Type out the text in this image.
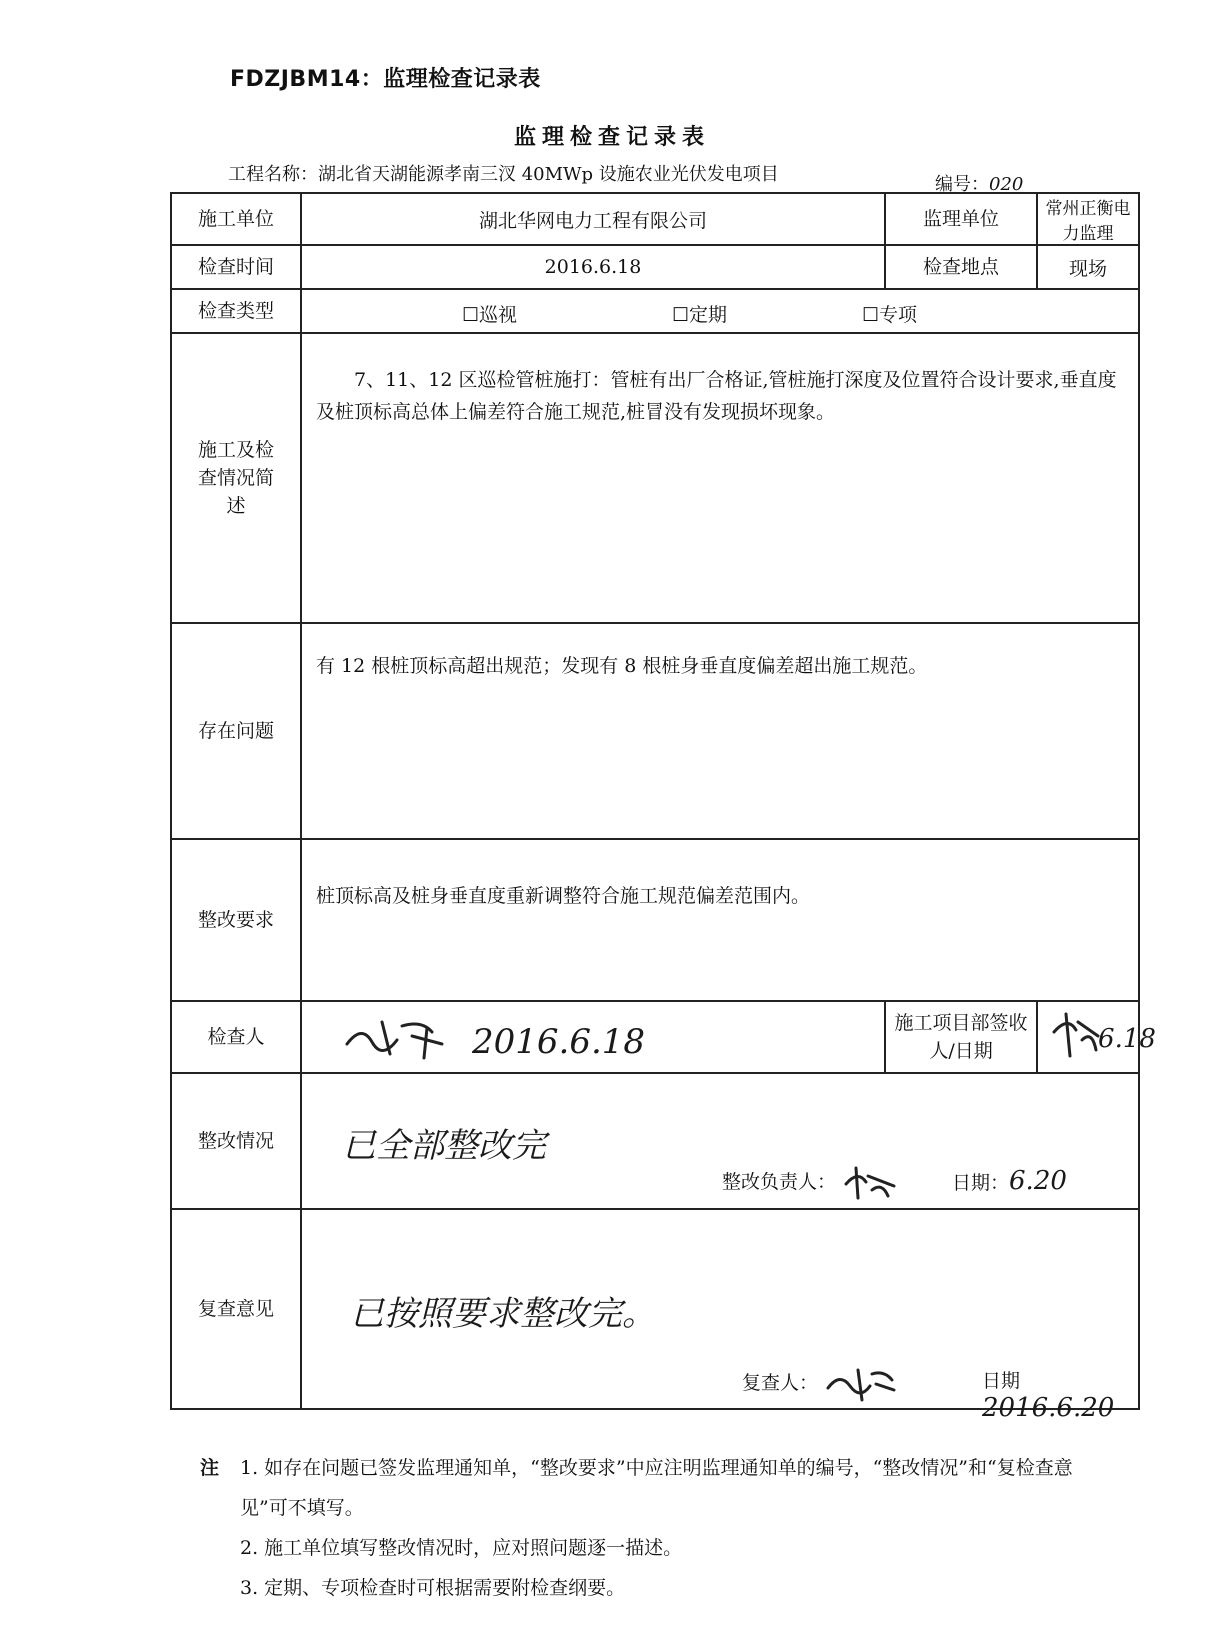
FDZJBM14：监理检查记录表
监理检查记录表
工程名称：湖北省天湖能源孝南三汊 40MWp 设施农业光伏发电项目	编号：020
施工单位	湖北华网电力工程有限公司	监理单位	常州正衡电力监理
检查时间	2016.6.18	检查地点	现场
检查类型	☐巡视 ☐定期 ☐专项		

施工及检查情况简述	7、11、12 区巡检管桩施打：管桩有出厂合格证,管桩施打深度及位置符合设计要求,垂直度及桩顶标高总体上偏差符合施工规范,桩冒没有发现损坏现象。		

存在问题	有 12 根桩顶标高超出规范；发现有 8 根桩身垂直度偏差超出施工规范。		

整改要求	桩顶标高及桩身垂直度重新调整符合施工规范偏差范围内。		

检查人	2016.6.18	施工项目部签收人/日期	6.18

整改情况	已全部整改完
整改负责人： 日期：6.20		

复查意见	已按照要求整改完。
复查人： 日期 2016.6.20		
注	1. 如存在问题已签发监理通知单，“整改要求”中应注明监理通知单的编号，“整改情况”和“复检查意见”可不填写。
2. 施工单位填写整改情况时，应对照问题逐一描述。
3. 定期、专项检查时可根据需要附检查纲要。
